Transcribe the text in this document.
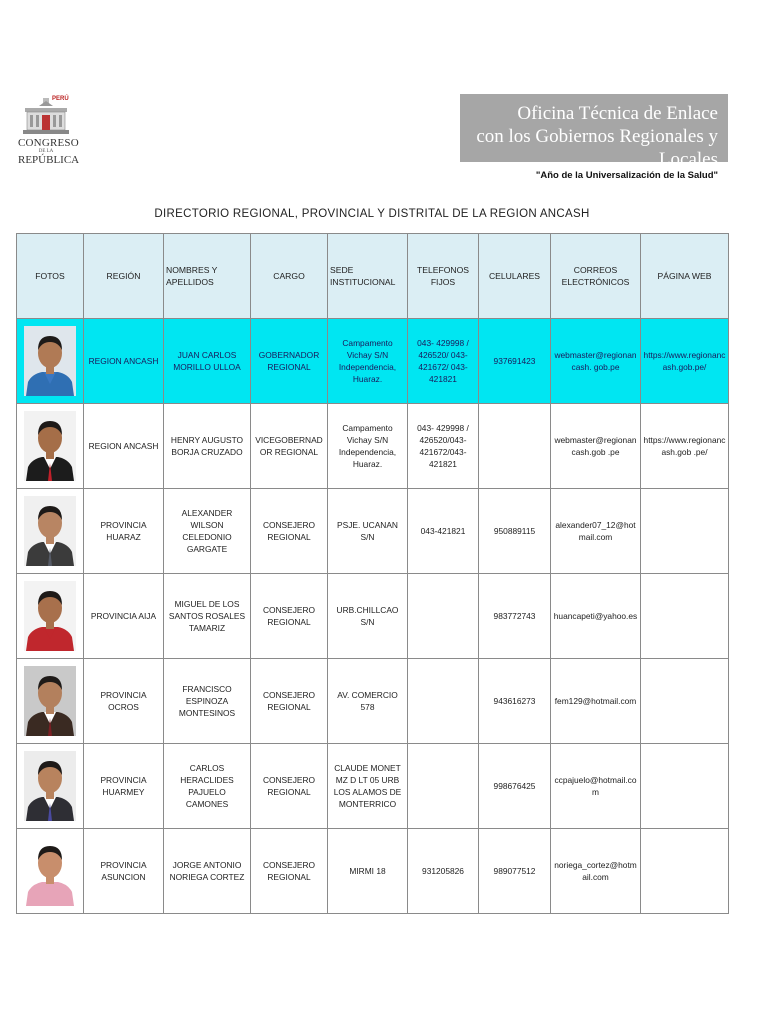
PERÚ
CONGRESO
DE LA
REPÚBLICA
Oficina Técnica de Enlace
con los Gobiernos Regionales y Locales
"Año de la Universalización de la Salud"
DIRECTORIO REGIONAL, PROVINCIAL Y DISTRITAL DE LA REGION ANCASH
FOTOS	REGIÓN	NOMBRES Y APELLIDOS	CARGO	SEDE INSTITUCIONAL	TELEFONOS FIJOS	CELULARES	CORREOS ELECTRÓNICOS	PÁGINA WEB

	REGION ANCASH	JUAN CARLOS MORILLO ULLOA	GOBERNADOR REGIONAL	Campamento Vichay S/N Independencia, Huaraz.	043- 429998 / 426520/ 043-421672/ 043-421821	937691423	webmaster@regionancash. gob.pe	https://www.regionancash.gob.pe/

	REGION ANCASH	HENRY AUGUSTO BORJA CRUZADO	VICEGOBERNADOR REGIONAL	Campamento Vichay S/N Independencia, Huaraz.	043- 429998 / 426520/043-421672/043-421821		webmaster@regionancash.gob .pe	https://www.regionancash.gob .pe/

	PROVINCIA HUARAZ	ALEXANDER WILSON CELEDONIO GARGATE	CONSEJERO REGIONAL	PSJE. UCANAN S/N	043-421821	950889115	alexander07_12@hotmail.com	

	PROVINCIA AIJA	MIGUEL DE LOS SANTOS ROSALES TAMARIZ	CONSEJERO REGIONAL	URB.CHILLCAO S/N		983772743	huancapeti@yahoo.es	

	PROVINCIA OCROS	FRANCISCO ESPINOZA MONTESINOS	CONSEJERO REGIONAL	AV. COMERCIO 578		943616273	fem129@hotmail.com	

	PROVINCIA HUARMEY	CARLOS HERACLIDES PAJUELO CAMONES	CONSEJERO REGIONAL	CLAUDE MONET MZ D LT 05 URB LOS ALAMOS DE MONTERRICO		998676425	ccpajuelo@hotmail.com	

	PROVINCIA ASUNCION	JORGE ANTONIO NORIEGA CORTEZ	CONSEJERO REGIONAL	MIRMI 18	931205826	989077512	noriega_cortez@hotmail.com	
